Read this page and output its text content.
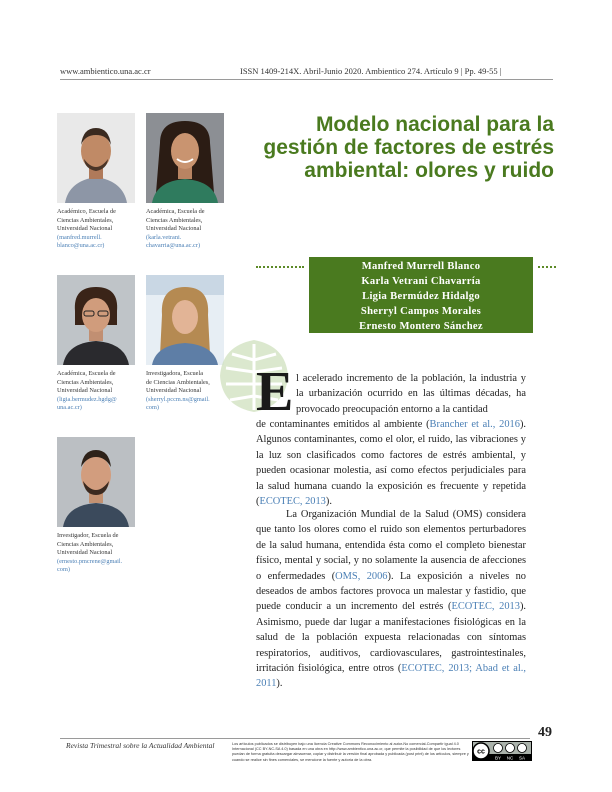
www.ambientico.una.ac.cr	ISSN 1409-214X. Abril-Junio 2020. Ambientico 274. Artículo 9 | Pp. 49-55 |
Modelo nacional para la
gestión de factores de estrés
ambiental: olores y ruido
Académico, Escuela de
Ciencias Ambientales,
Universidad Nacional
(manfred.murrell.
blanco@una.ac.cr)
Académica, Escuela de
Ciencias Ambientales,
Universidad Nacional
(karla.vetrani.
chavarria@una.ac.cr)
Académica, Escuela de
Ciencias Ambientales,
Universidad Nacional
(ligia.bermudez.hgdg@
una.ac.cr)
Investigadora, Escuela
de Ciencias Ambientales,
Universidad Nacional
(sherryl.pccm.ns@gmail.
com)
Investigador, Escuela de
Ciencias Ambientales,
Universidad Nacional
(ernesto.pmcrene@gmail.
com)
Manfred Murrell Blanco
Karla Vetrani Chavarría
Ligia Bermúdez Hidalgo
Sherryl Campos Morales
Ernesto Montero Sánchez
E l acelerado incremento de la población, la industria y la urbanización ocurrido en las últimas décadas, ha provocado preocupación entorno a la cantidad
de contaminantes emitidos al ambiente (Brancher et al., 2016). Algunos contaminantes, como el olor, el ruido, las vibraciones y la luz son clasificados como factores de estrés ambiental, y pueden ocasionar molestia, así como efectos perjudiciales para la salud humana cuando la exposición es frecuente y repetida (ECOTEC, 2013).
La Organización Mundial de la Salud (OMS) considera que tanto los olores como el ruido son elementos perturbadores de la salud humana, entendida ésta como el completo bienestar físico, mental y social, y no solamente la ausencia de afecciones o enfermedades (OMS, 2006). La exposición a niveles no deseados de ambos factores provoca un malestar y fastidio, que puede conducir a un incremento del estrés (ECOTEC, 2013). Asimismo, puede dar lugar a manifestaciones fisiológicas en la salud de la población expuesta relacionadas con síntomas respiratorios, auditivos, cardiovasculares, gastrointestinales, irritación fisiológica, entre otros (ECOTEC, 2013; Abad et al., 2011).
49
Revista Trimestral sobre la Actualidad Ambiental	Los artículos publicados se distribuyen bajo una licencia Creative Commons Reconocimiento al autor-No comercial-Compartir igual 4.0 Internacional (CC BY-NC-SA 4.0) basada en una obra en http://www.ambientico.una.ac.cr, que permite la posibilidad de que los lectores puedan de forma gratuita descargar almacenar, copiar y distribuir la versión final aprobada y publicada (post print) de los artículos, siempre y cuando se realice sin fines comerciales, se mencione la fuente y autoría de la obra.
cc
BY NC SA
